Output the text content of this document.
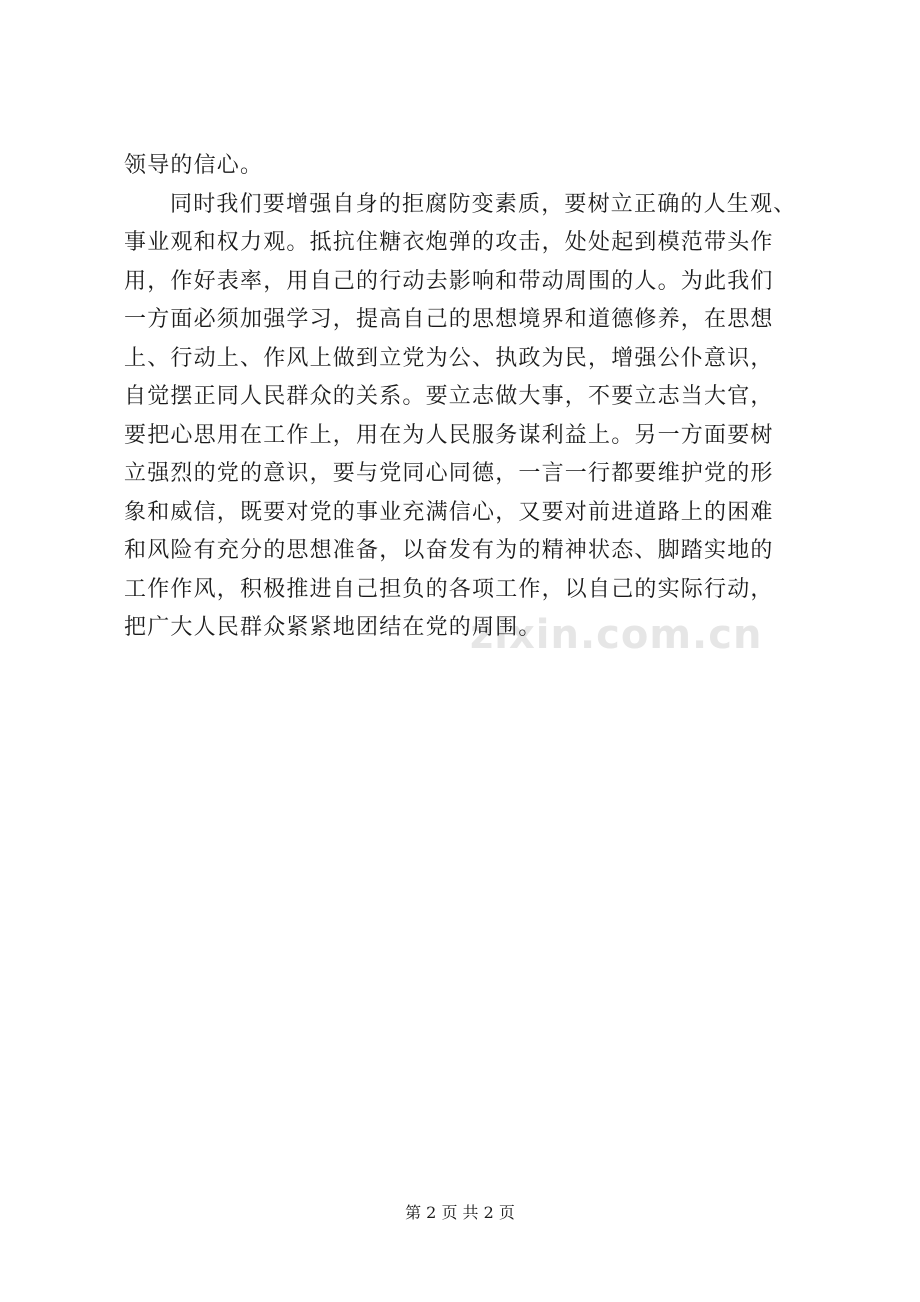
zixin.com.cn
领导的信心。
同时我们要增强自身的拒腐防变素质，要树立正确的人生观、
事业观和权力观。抵抗住糖衣炮弹的攻击，处处起到模范带头作
用，作好表率，用自己的行动去影响和带动周围的人。为此我们
一方面必须加强学习，提高自己的思想境界和道德修养，在思想
上、行动上、作风上做到立党为公、执政为民，增强公仆意识，
自觉摆正同人民群众的关系。要立志做大事，不要立志当大官，
要把心思用在工作上，用在为人民服务谋利益上。另一方面要树
立强烈的党的意识，要与党同心同德，一言一行都要维护党的形
象和威信，既要对党的事业充满信心，又要对前进道路上的困难
和风险有充分的思想准备，以奋发有为的精神状态、脚踏实地的
工作作风，积极推进自己担负的各项工作，以自己的实际行动，
把广大人民群众紧紧地团结在党的周围。
第 2 页 共 2 页
